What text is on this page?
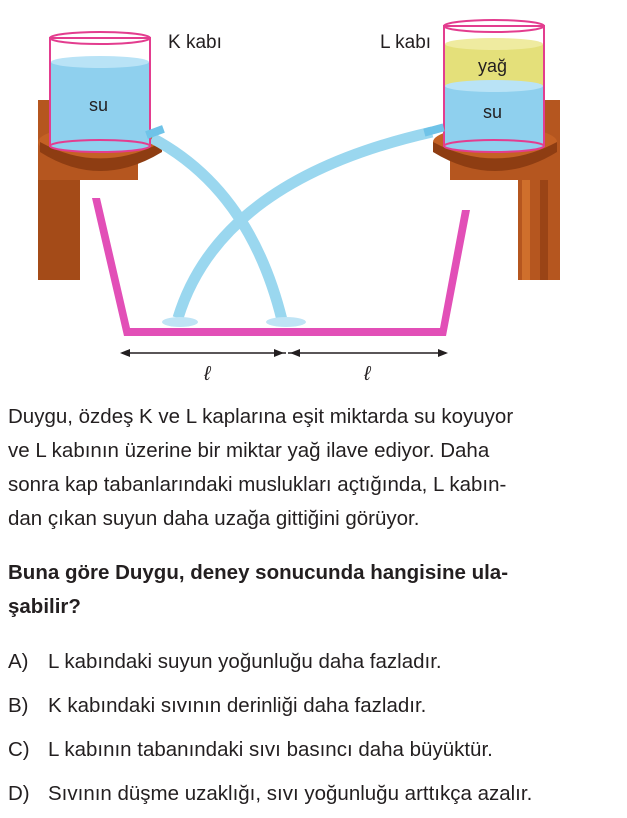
K kabı	L kabı
su
yağ
su
ℓ	ℓ
Duygu, özdeş K ve L kaplarına eşit miktarda su koyuyor
ve L kabının üzerine bir miktar yağ ilave ediyor. Daha
sonra kap tabanlarındaki muslukları açtığında, L kabın-
dan çıkan suyun daha uzağa gittiğini görüyor.
Buna göre Duygu, deney sonucunda hangisine ula-
şabilir?
A) L kabındaki suyun yoğunluğu daha fazladır.
B) K kabındaki sıvının derinliği daha fazladır.
C) L kabının tabanındaki sıvı basıncı daha büyüktür.
D) Sıvının düşme uzaklığı, sıvı yoğunluğu arttıkça azalır.
